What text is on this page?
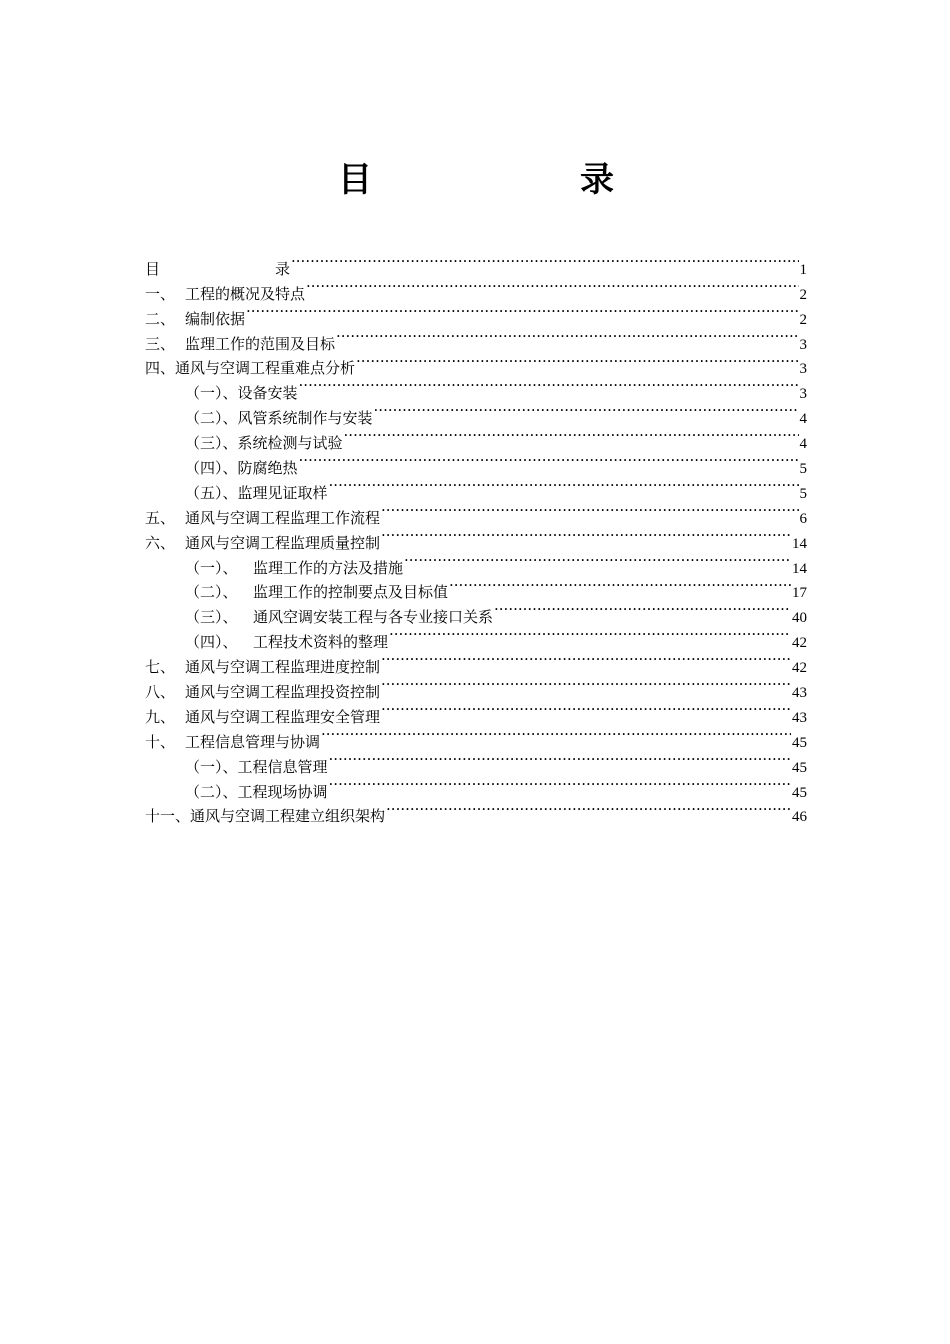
目	录
目	录 ·····	1
一、 工程的概况及特点 ·····	2
二、 编制依据 ·····	2
三、 监理工作的范围及目标 ·····	3
四、 通风与空调工程重难点分析 ·····	3
（一）、 设备安装 ·····	3
（二）、 风管系统制作与安装 ·····	4
（三）、 系统检测与试验 ·····	4
（四）、 防腐绝热 ·····	5
（五）、 监理见证取样 ·····	5
五、 通风与空调工程监理工作流程 ·····	6
六、 通风与空调工程监理质量控制 ·····	14
（一）、	监理工作的方法及措施 ·····	14
（二）、	监理工作的控制要点及目标值 ·····	17
（三）、	通风空调安装工程与各专业接口关系 ·····	40
（四）、	工程技术资料的整理 ·····	42
七、 通风与空调工程监理进度控制 ·····	42
八、 通风与空调工程监理投资控制 ·····	43
九、 通风与空调工程监理安全管理 ·····	43
十、 工程信息管理与协调 ·····	45
（一）、 工程信息管理 ·····	45
（二）、 工程现场协调 ·····	45
十一、 通风与空调工程建立组织架构 ·····	46
